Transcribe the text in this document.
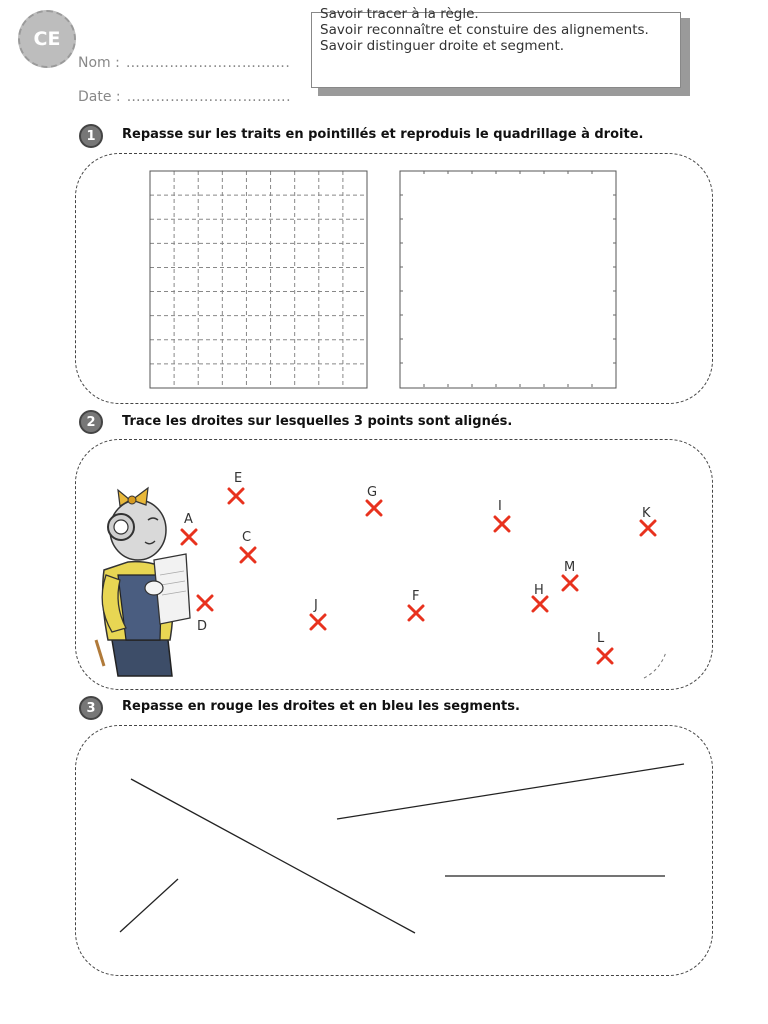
CE
Nom : …………………………….
Date : …………………………….
Savoir tracer à la règle.
Savoir reconnaître et constuire des alignements.
Savoir distinguer droite et segment.
1 Repasse sur les traits en pointillés et reproduis le quadrillage à droite.
2 Trace les droites sur lesquelles 3 points sont alignés.
3 Repasse en rouge les droites et en bleu les segments.
E
A
C
D
G
J
F
I
H
M
K
L
